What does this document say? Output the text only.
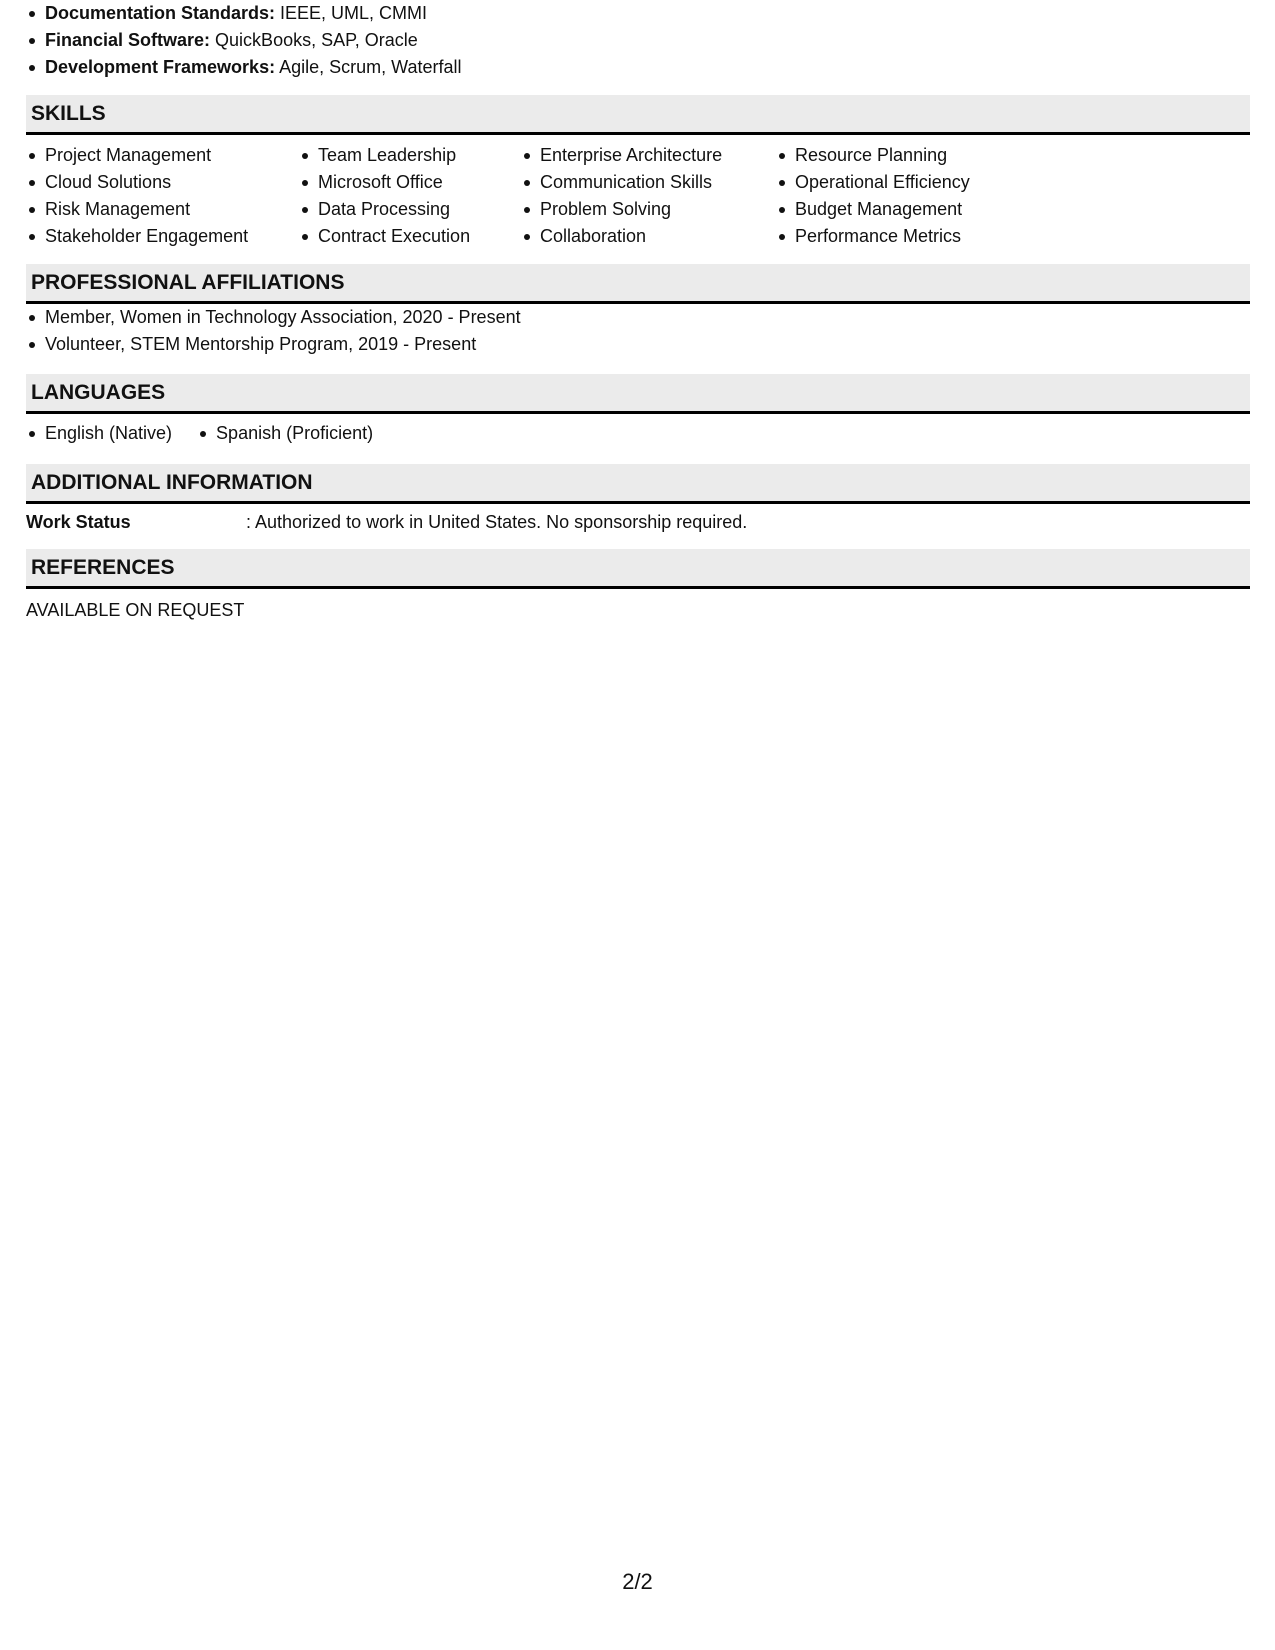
Documentation Standards: IEEE, UML, CMMI
Financial Software: QuickBooks, SAP, Oracle
Development Frameworks: Agile, Scrum, Waterfall
SKILLS
Project Management
Cloud Solutions
Risk Management
Stakeholder Engagement
Team Leadership
Microsoft Office
Data Processing
Contract Execution
Enterprise Architecture
Communication Skills
Problem Solving
Collaboration
Resource Planning
Operational Efficiency
Budget Management
Performance Metrics
PROFESSIONAL AFFILIATIONS
Member, Women in Technology Association, 2020 - Present
Volunteer, STEM Mentorship Program, 2019 - Present
LANGUAGES
English (Native) Spanish (Proficient)
ADDITIONAL INFORMATION
Work Status	: Authorized to work in United States. No sponsorship required.
REFERENCES
AVAILABLE ON REQUEST
2/2
